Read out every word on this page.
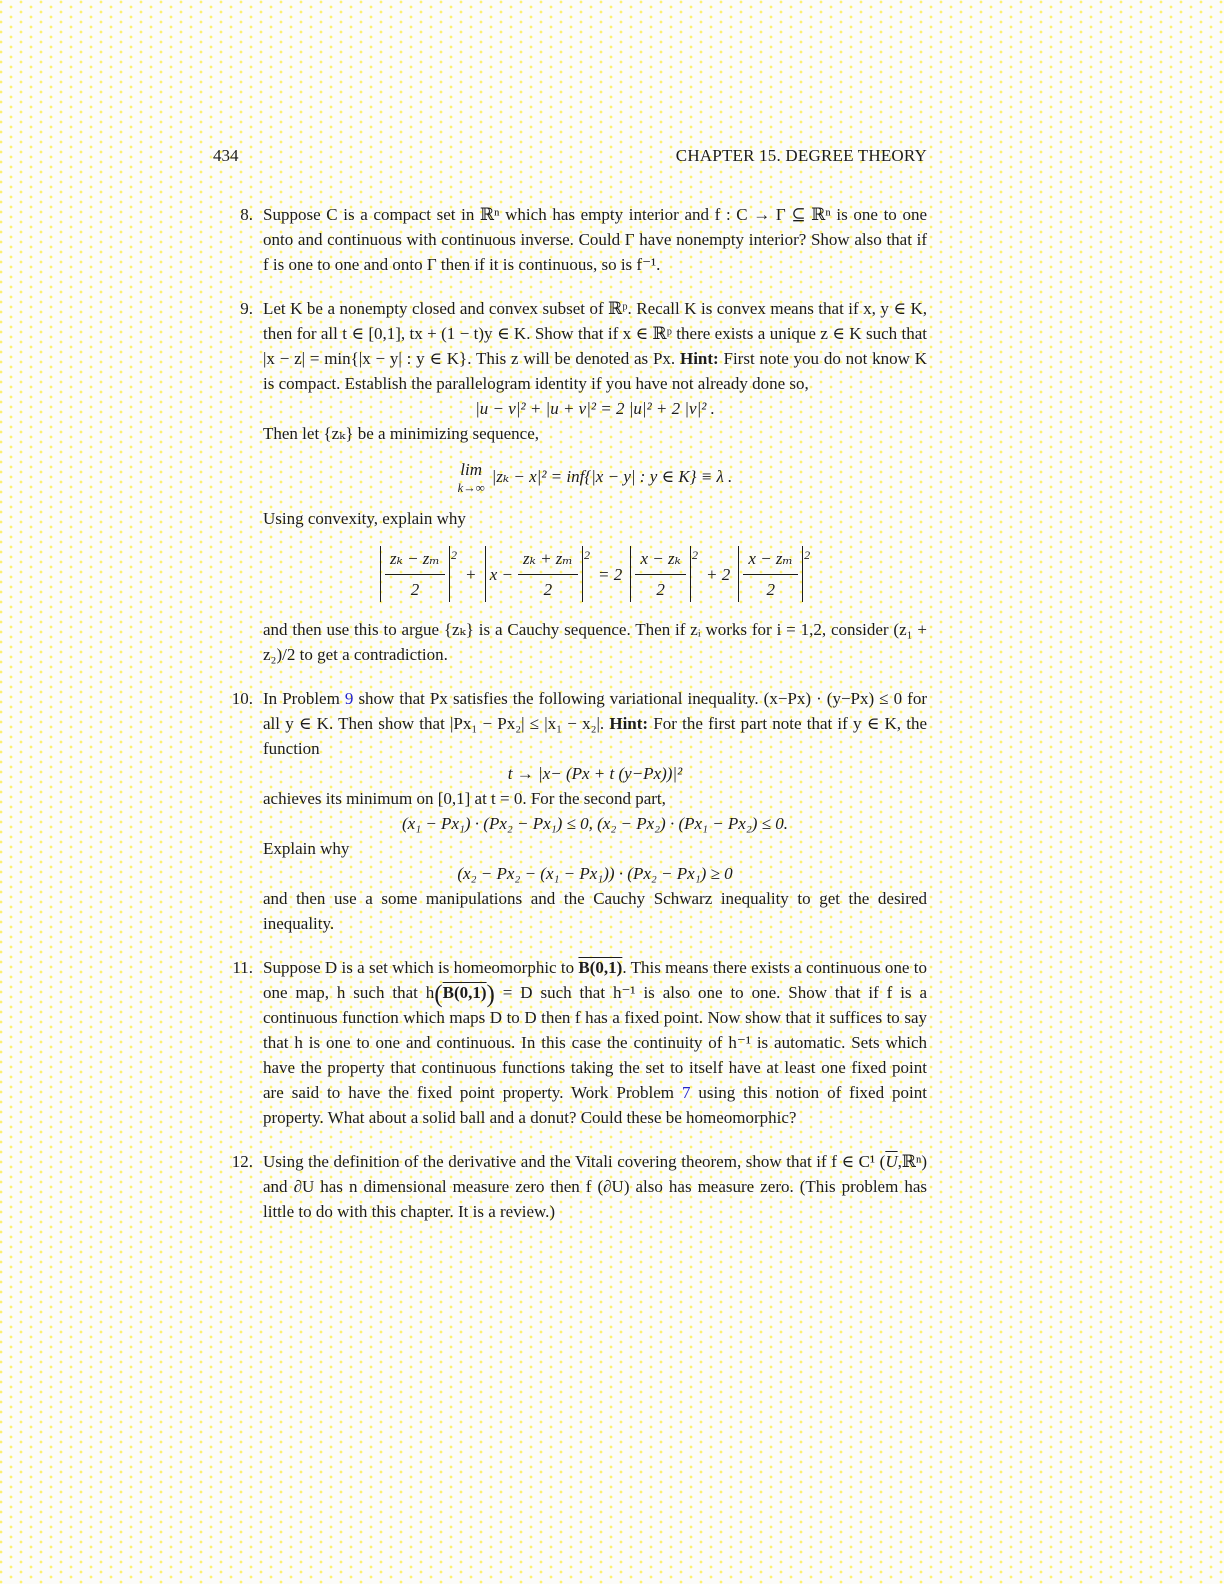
434	CHAPTER 15. DEGREE THEORY
8. Suppose C is a compact set in ℝⁿ which has empty interior and f : C → Γ ⊆ ℝⁿ is one to one onto and continuous with continuous inverse. Could Γ have nonempty interior? Show also that if f is one to one and onto Γ then if it is continuous, so is f⁻¹.

9. Let K be a nonempty closed and convex subset of ℝᵖ. Recall K is convex means that if x, y ∈ K, then for all t ∈ [0,1], tx + (1 − t)y ∈ K. Show that if x ∈ ℝᵖ there exists a unique z ∈ K such that |x − z| = min{|x − y| : y ∈ K}. This z will be denoted as Px. Hint: First note you do not know K is compact. Establish the parallelogram identity if you have not already done so,

|u − v|² + |u + v|² = 2 |u|² + 2 |v|² .

Then let {zₖ} be a minimizing sequence,

lim
k→∞
|zₖ − x|² = inf{|x − y| : y ∈ K} ≡ λ .

Using convexity, explain why

$\frac{\text{zₖ − zₘ}}{2} 2$
+ $x - \frac{\text{zₖ + zₘ}}{2} 2$
= $2 \frac{\text{x − zₖ}}{2} 2$
+ $2 \frac{\text{x − zₘ}}{2} 2$

and then use this to argue {zₖ} is a Cauchy sequence. Then if zᵢ works for i = 1,2, consider (z₁ + z₂)/2 to get a contradiction.

10. In Problem 9 show that Px satisfies the following variational inequality. (x−Px) · (y−Px) ≤ 0 for all y ∈ K. Then show that |Px₁ − Px₂| ≤ |x₁ − x₂|. Hint: For the first part note that if y ∈ K, the function

t → |x− (Px + t (y−Px))|²

achieves its minimum on [0,1] at t = 0. For the second part,

(x₁ − Px₁) · (Px₂ − Px₁) ≤ 0, (x₂ − Px₂) · (Px₁ − Px₂) ≤ 0.

Explain why

(x₂ − Px₂ − (x₁ − Px₁)) · (Px₂ − Px₁) ≥ 0

and then use a some manipulations and the Cauchy Schwarz inequality to get the desired inequality.

11. Suppose D is a set which is homeomorphic to B(0,1). This means there exists a continuous one to one map, h such that h(B(0,1)) = D such that h⁻¹ is also one to one. Show that if f is a continuous function which maps D to D then f has a fixed point. Now show that it suffices to say that h is one to one and continuous. In this case the continuity of h⁻¹ is automatic. Sets which have the property that continuous functions taking the set to itself have at least one fixed point are said to have the fixed point property. Work Problem 7 using this notion of fixed point property. What about a solid ball and a donut? Could these be homeomorphic?

12. Using the definition of the derivative and the Vitali covering theorem, show that if f ∈ C¹ $(\overline{U},ℝ^n)$ and ∂U has n dimensional measure zero then f (∂U) also has measure zero. (This problem has little to do with this chapter. It is a review.)
